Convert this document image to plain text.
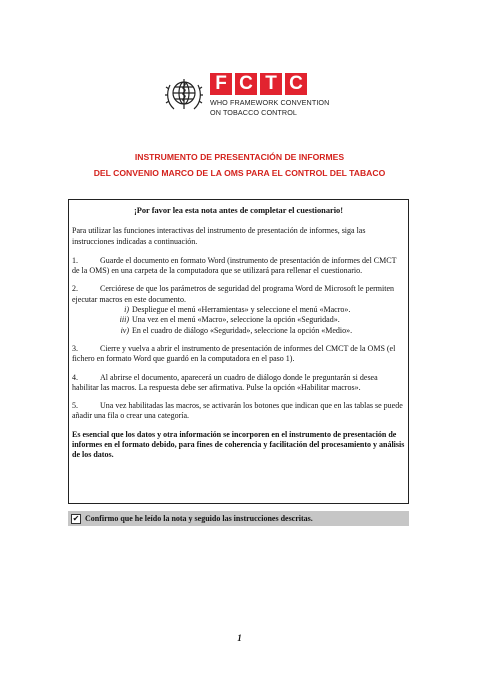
F C T C
WHO FRAMEWORK CONVENTION
ON TOBACCO CONTROL
INSTRUMENTO DE PRESENTACIÓN DE INFORMES
DEL CONVENIO MARCO DE LA OMS PARA EL CONTROL DEL TABACO

¡Por favor lea esta nota antes de completar el cuestionario!

Para utilizar las funciones interactivas del instrumento de presentación de informes, siga las instrucciones indicadas a continuación.

1.	Guarde el documento en formato Word (instrumento de presentación de informes del CMCT de la OMS) en una carpeta de la computadora que se utilizará para rellenar el cuestionario.

2.	Cerciórese de que los parámetros de seguridad del programa Word de Microsoft le permiten ejecutar macros en este documento.

i) Despliegue el menú «Herramientas» y seleccione el menú «Macro».

iii) Una vez en el menú «Macro», seleccione la opción «Seguridad».

iv) En el cuadro de diálogo «Seguridad», seleccione la opción «Medio».

3.	Cierre y vuelva a abrir el instrumento de presentación de informes del CMCT de la OMS (el fichero en formato Word que guardó en la computadora en el paso 1).

4.	Al abrirse el documento, aparecerá un cuadro de diálogo donde le preguntarán si desea habilitar las macros. La respuesta debe ser afirmativa. Pulse la opción «Habilitar macros».

5.	Una vez habilitadas las macros, se activarán los botones que indican que en las tablas se puede añadir una fila o crear una categoría.

Es esencial que los datos y otra información se incorporen en el instrumento de presentación de informes en el formato debido, para fines de coherencia y facilitación del procesamiento y análisis de los datos.

✔ Confirmo que he leído la nota y seguido las instrucciones descritas.
1
